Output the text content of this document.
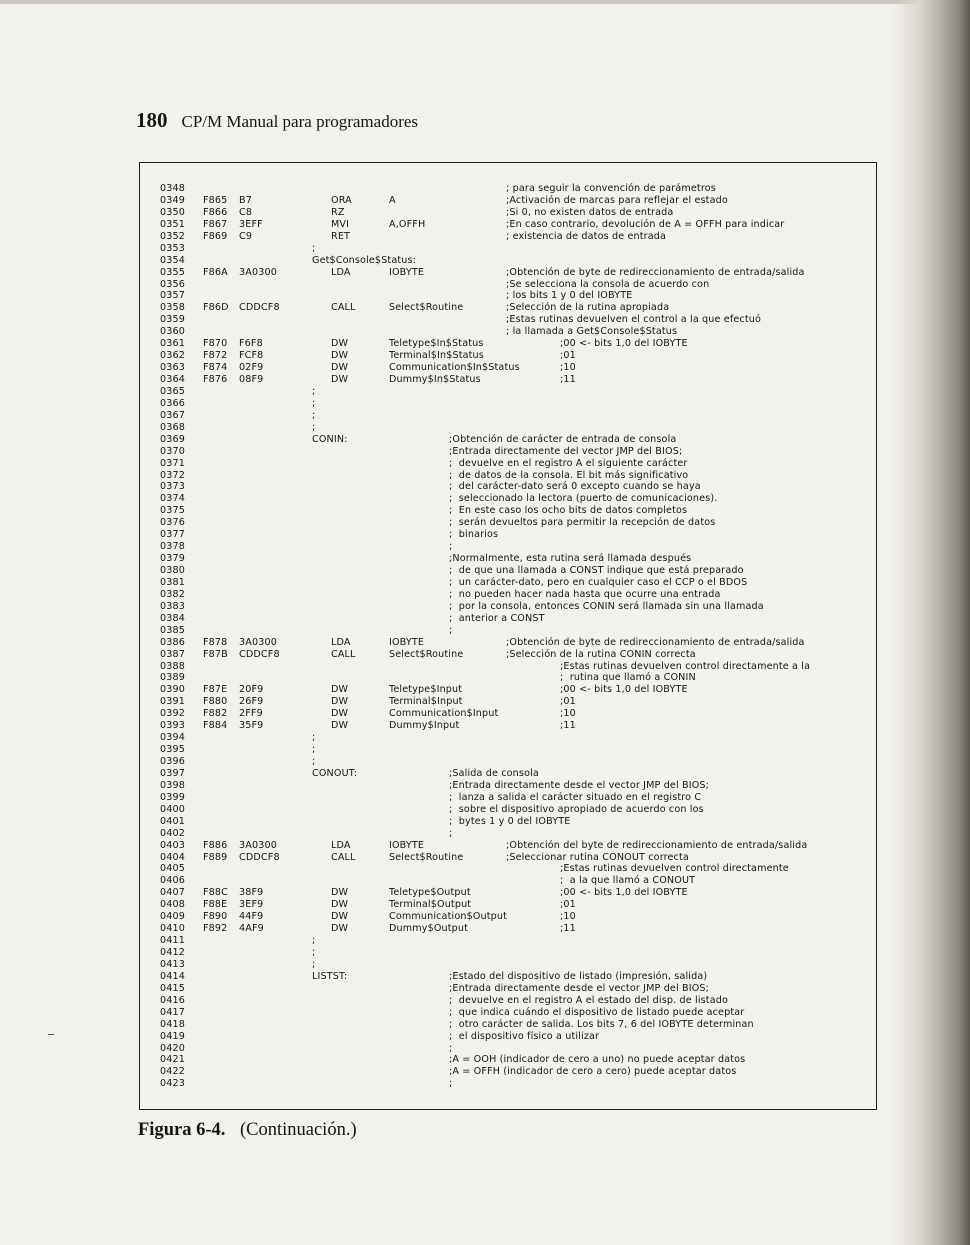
180 CP/M Manual para programadores
0348	; para seguir la convención de parámetros
0349 F865 B7	ORA	A	;Activación de marcas para reflejar el estado
0350 F866 C8	RZ	;Si 0, no existen datos de entrada
0351 F867 3EFF	MVI	A,OFFH	;En caso contrario, devolución de A = OFFH para indicar
0352 F869 C9	RET	; existencia de datos de entrada
0353	;
0354	Get$Console$Status:
0355 F86A 3A0300	LDA	IOBYTE	;Obtención de byte de redireccionamiento de entrada/salida
0356	;Se selecciona la consola de acuerdo con
0357	; los bits 1 y 0 del IOBYTE
0358 F86D CDDCF8	CALL	Select$Routine	;Selección de la rutina apropiada
0359	;Estas rutinas devuelven el control a la que efectuó
0360	; la llamada a Get$Console$Status
0361 F870 F6F8	DW	Teletype$In$Status	;00 <- bits 1,0 del IOBYTE
0362 F872 FCF8	DW	Terminal$In$Status	;01
0363 F874 02F9	DW	Communication$In$Status	;10
0364 F876 08F9	DW	Dummy$In$Status	;11
0365	;
0366	;
0367	;
0368	;
0369	CONIN:	;Obtención de carácter de entrada de consola
0370	;Entrada directamente del vector JMP del BIOS;
0371	;  devuelve en el registro A el siguiente carácter
0372	;  de datos de la consola. El bit más significativo
0373	;  del carácter-dato será 0 excepto cuando se haya
0374	;  seleccionado la lectora (puerto de comunicaciones).
0375	;  En este caso los ocho bits de datos completos
0376	;  serán devueltos para permitir la recepción de datos
0377	;  binarios
0378	;
0379	;Normalmente, esta rutina será llamada después
0380	;  de que una llamada a CONST indique que está preparado
0381	;  un carácter-dato, pero en cualquier caso el CCP o el BDOS
0382	;  no pueden hacer nada hasta que ocurre una entrada
0383	;  por la consola, entonces CONIN será llamada sin una llamada
0384	;  anterior a CONST
0385	;
0386 F878 3A0300	LDA	IOBYTE	;Obtención de byte de redireccionamiento de entrada/salida
0387 F87B CDDCF8	CALL	Select$Routine	;Selección de la rutina CONIN correcta
0388	;Estas rutinas devuelven control directamente a la
0389	;  rutina que llamó a CONIN
0390 F87E 20F9	DW	Teletype$Input	;00 <- bits 1,0 del IOBYTE
0391 F880 26F9	DW	Terminal$Input	;01
0392 F882 2FF9	DW	Communication$Input	;10
0393 F884 35F9	DW	Dummy$Input	;11
0394	;
0395	;
0396	;
0397	CONOUT:	;Salida de consola
0398	;Entrada directamente desde el vector JMP del BIOS;
0399	;  lanza a salida el carácter situado en el registro C
0400	;  sobre el dispositivo apropiado de acuerdo con los
0401	;  bytes 1 y 0 del IOBYTE
0402	;
0403 F886 3A0300	LDA	IOBYTE	;Obtención del byte de redireccionamiento de entrada/salida
0404 F889 CDDCF8	CALL	Select$Routine	;Seleccionar rutina CONOUT correcta
0405	;Estas rutinas devuelven control directamente
0406	;  a la que llamó a CONOUT
0407 F88C 38F9	DW	Teletype$Output	;00 <- bits 1,0 del IOBYTE
0408 F88E 3EF9	DW	Terminal$Output	;01
0409 F890 44F9	DW	Communication$Output	;10
0410 F892 4AF9	DW	Dummy$Output	;11
0411	;
0412	;
0413	;
0414	LISTST:	;Estado del dispositivo de listado (impresión, salida)
0415	;Entrada directamente desde el vector JMP del BIOS;
0416	;  devuelve en el registro A el estado del disp. de listado
0417	;  que indica cuándo el dispositivo de listado puede aceptar
0418	;  otro carácter de salida. Los bits 7, 6 del IOBYTE determinan
0419	;  el dispositivo físico a utilizar
0420	;
0421	;A = OOH (indicador de cero a uno) no puede aceptar datos
0422	;A = OFFH (indicador de cero a cero) puede aceptar datos
0423	;
Figura 6-4. (Continuación.)
